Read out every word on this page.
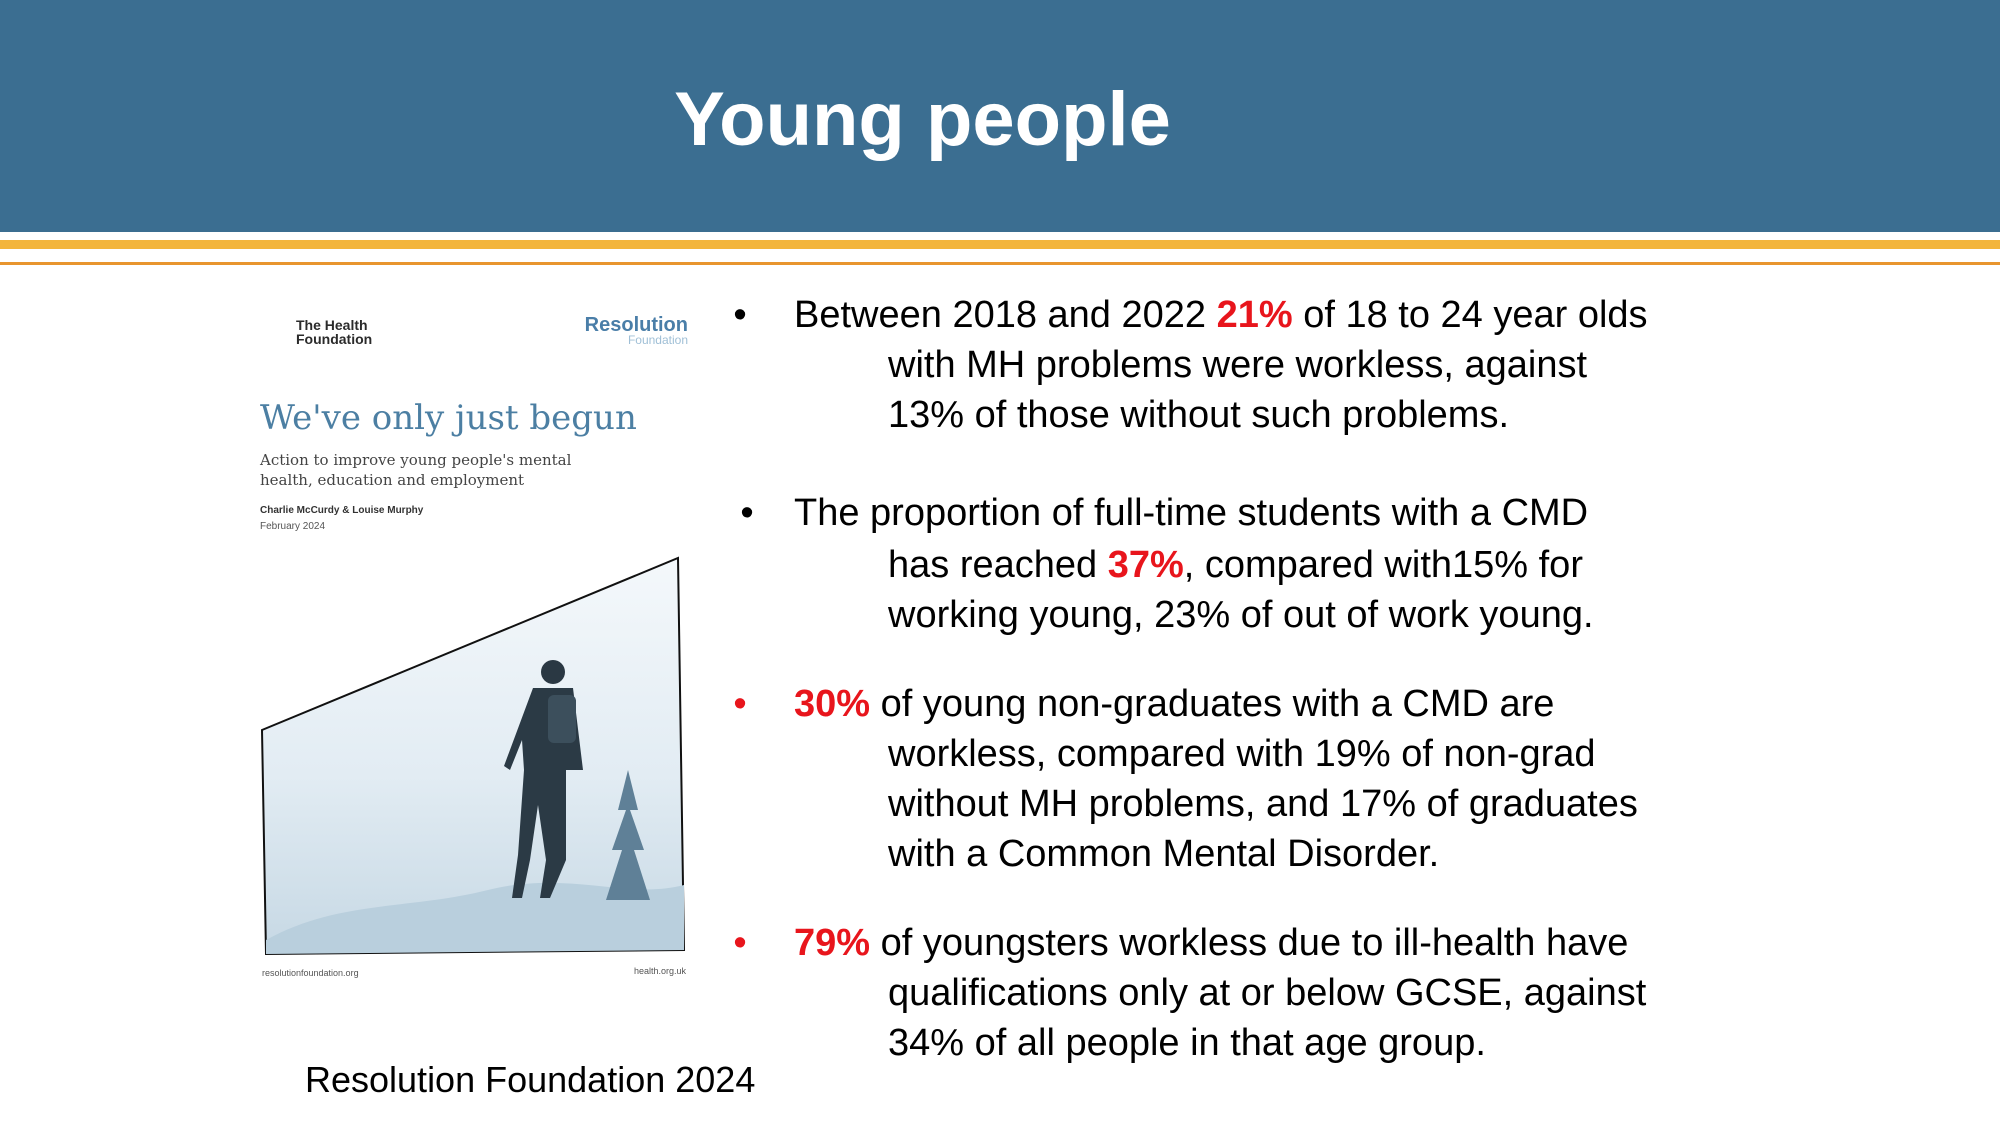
Young people
The Health Foundation
Resolution
Foundation
We've only just begun
Action to improve young people's mental health, education and employment
Charlie McCurdy & Louise Murphy
February 2024
resolutionfoundation.org	health.org.uk
Resolution Foundation 2024
• Between 2018 and 2022 21% of 18 to 24 year olds
with MH problems were workless, against
13% of those without such problems.
• The proportion of full-time students with a CMD
has reached 37%, compared with15% for
working young, 23% of out of work young.
• 30% of young non-graduates with a CMD are
workless, compared with 19% of non-grad
without MH problems, and 17% of graduates
with a Common Mental Disorder.
• 79% of youngsters workless due to ill-health have
qualifications only at or below GCSE, against
34% of all people in that age group.
